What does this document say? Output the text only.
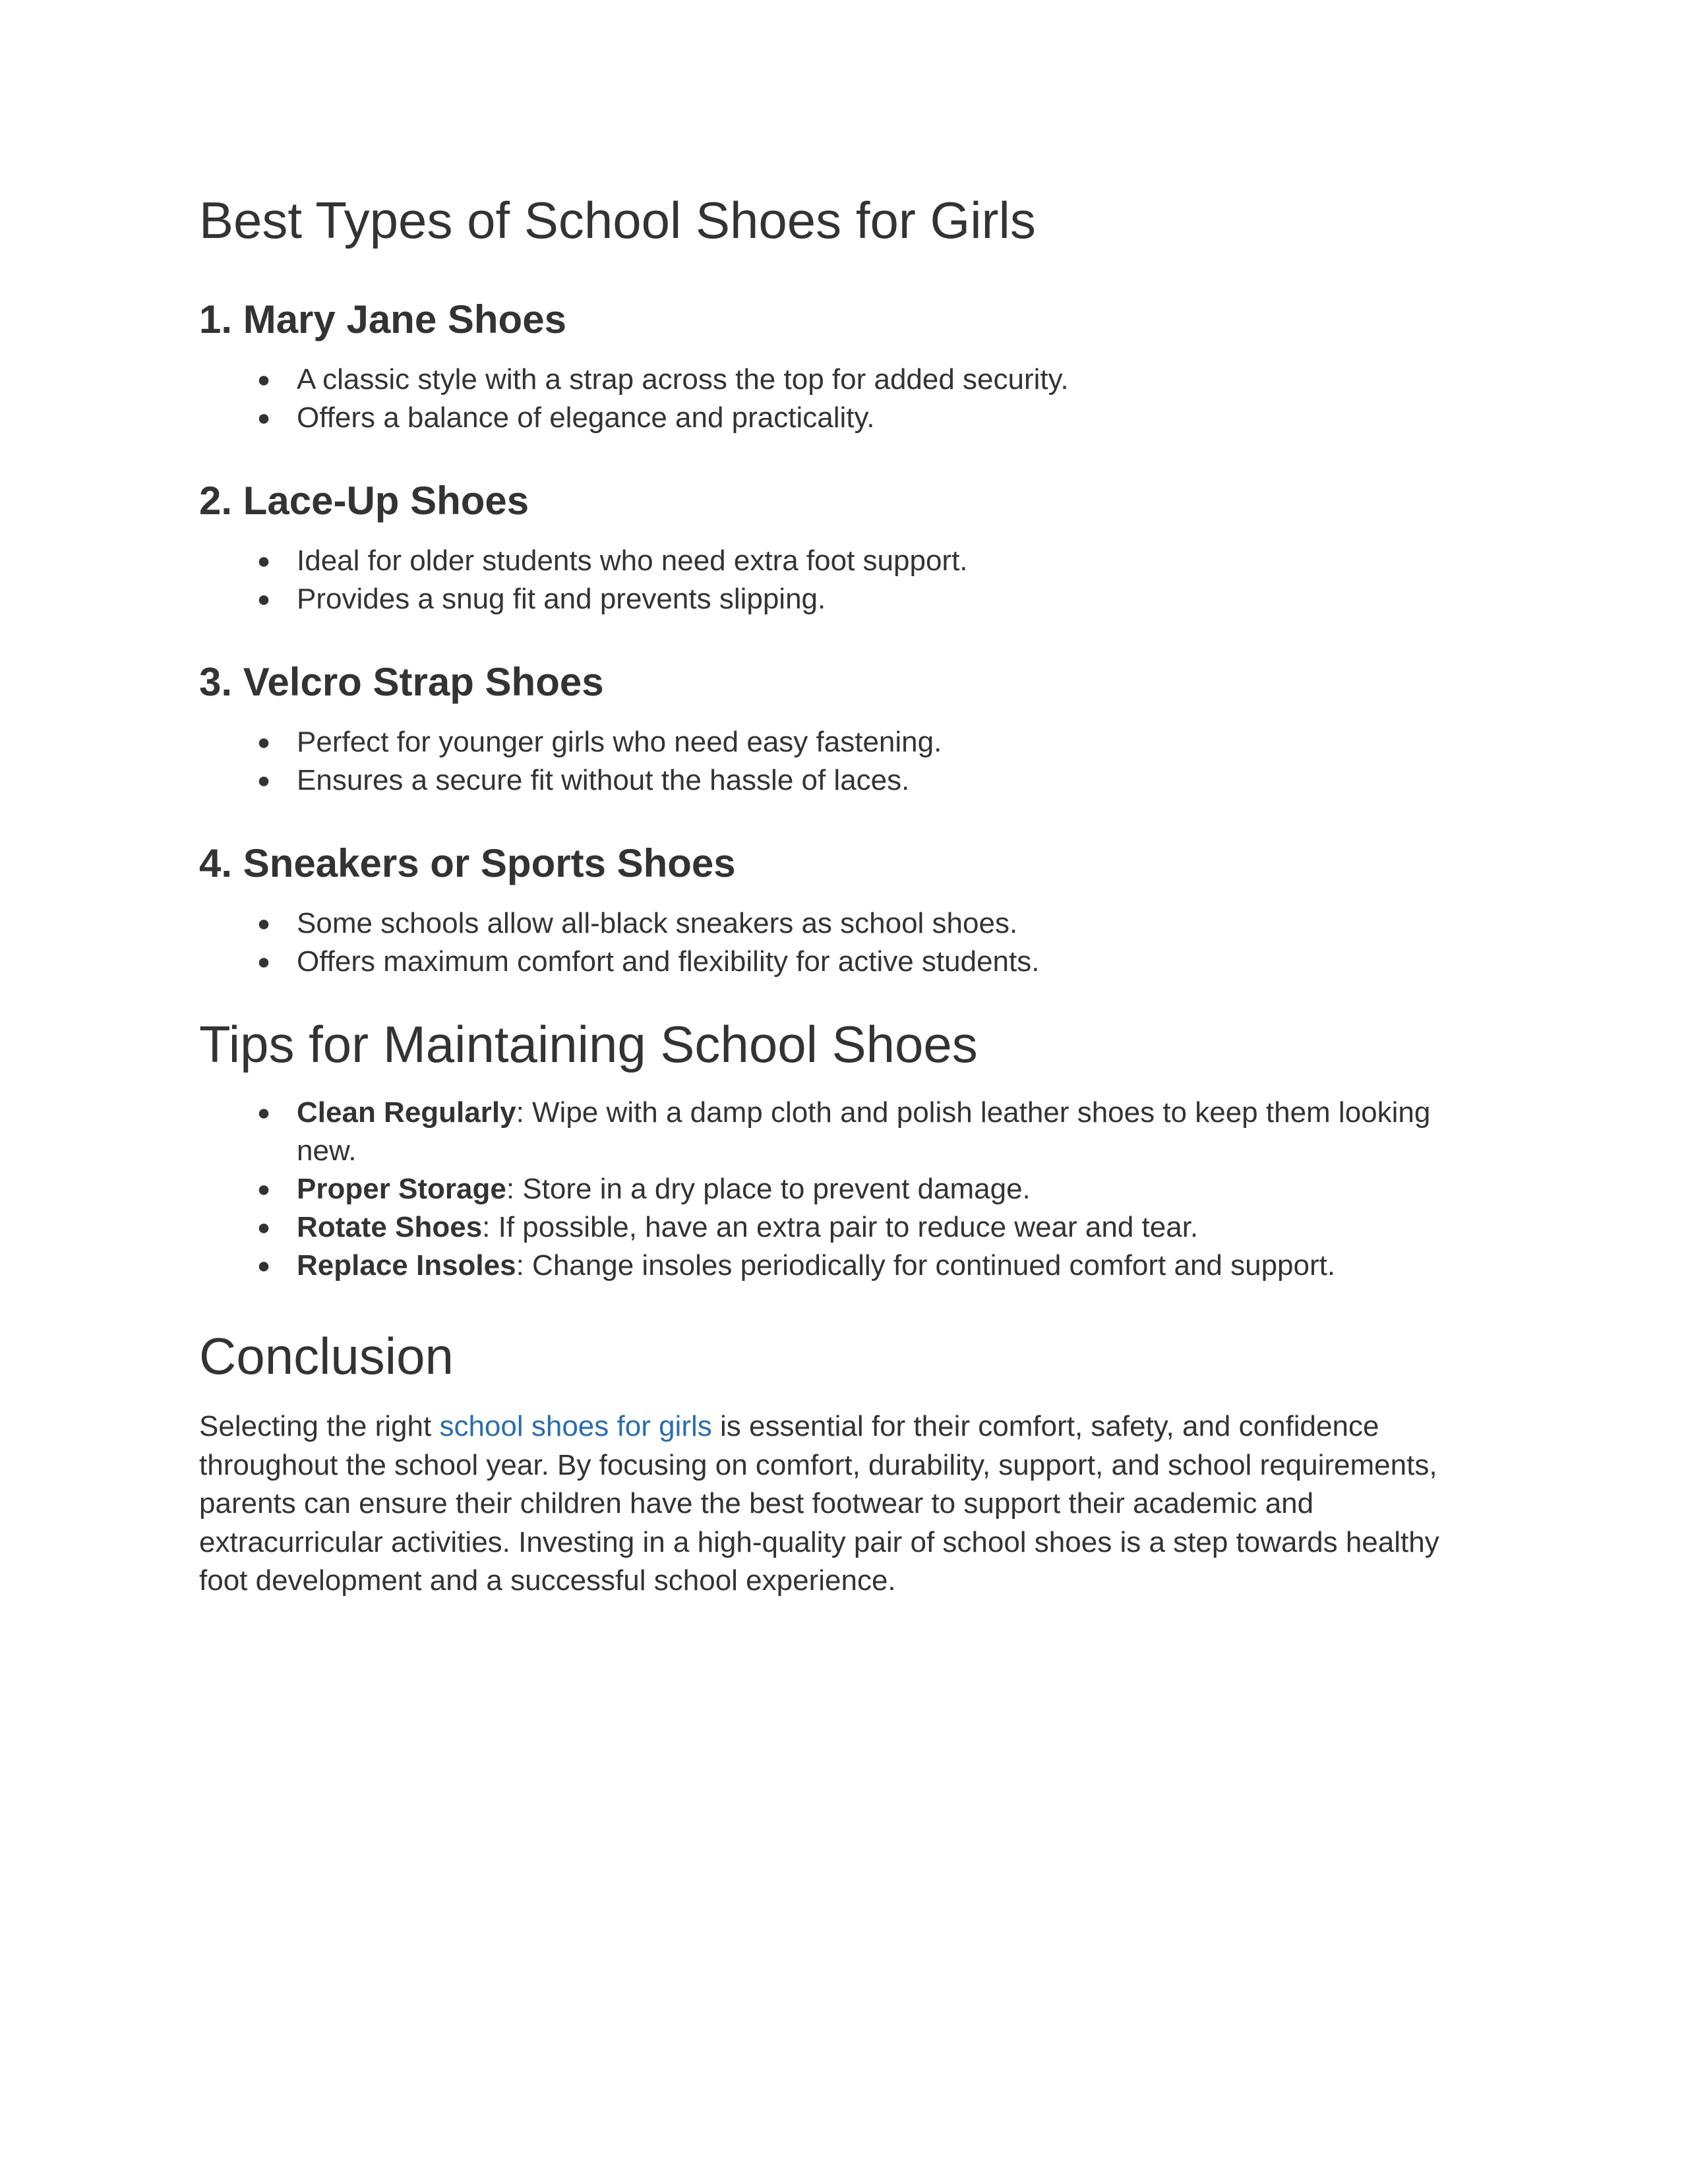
Best Types of School Shoes for Girls
1. Mary Jane Shoes
● A classic style with a strap across the top for added security.
● Offers a balance of elegance and practicality.
2. Lace-Up Shoes
● Ideal for older students who need extra foot support.
● Provides a snug fit and prevents slipping.
3. Velcro Strap Shoes
● Perfect for younger girls who need easy fastening.
● Ensures a secure fit without the hassle of laces.
4. Sneakers or Sports Shoes
● Some schools allow all-black sneakers as school shoes.
● Offers maximum comfort and flexibility for active students.
Tips for Maintaining School Shoes
● Clean Regularly: Wipe with a damp cloth and polish leather shoes to keep them looking new.
● Proper Storage: Store in a dry place to prevent damage.
● Rotate Shoes: If possible, have an extra pair to reduce wear and tear.
● Replace Insoles: Change insoles periodically for continued comfort and support.
Conclusion

Selecting the right school shoes for girls is essential for their comfort, safety, and confidence throughout the school year. By focusing on comfort, durability, support, and school requirements, parents can ensure their children have the best footwear to support their academic and extracurricular activities. Investing in a high-quality pair of school shoes is a step towards healthy foot development and a successful school experience.
